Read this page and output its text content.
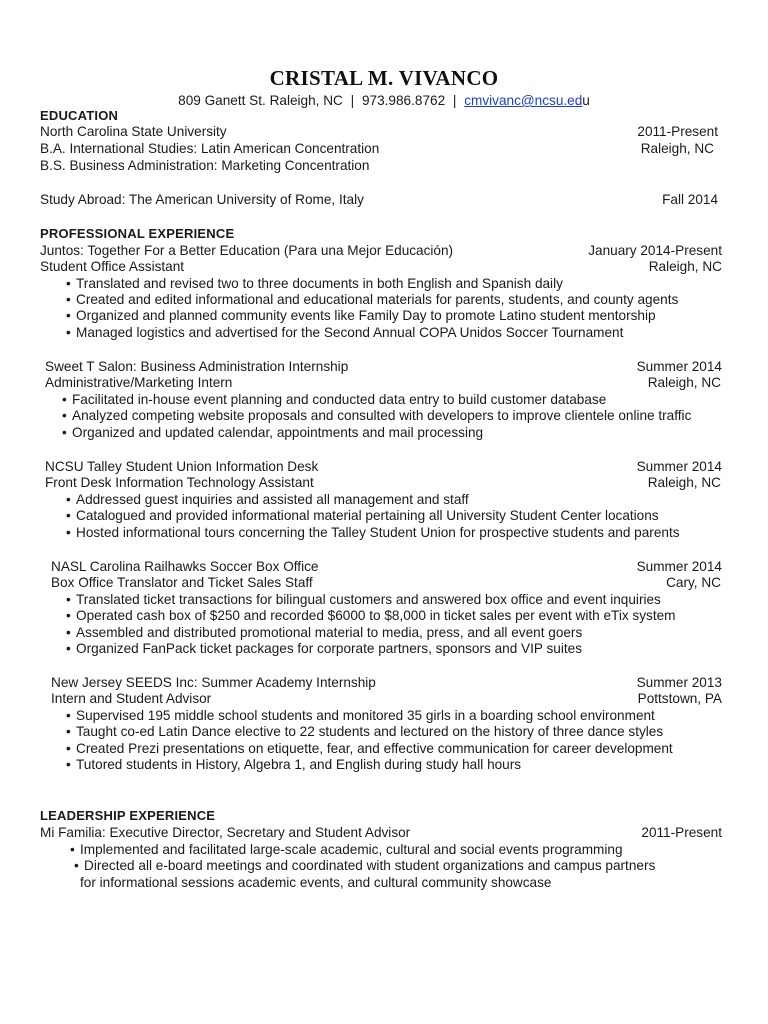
CRISTAL M. VIVANCO
809 Ganett St. Raleigh, NC | 973.986.8762 | cmvivanc@ncsu.edu
EDUCATION
North Carolina State University	2011-Present
B.A. International Studies: Latin American Concentration	Raleigh, NC
B.S. Business Administration: Marketing Concentration
Study Abroad: The American University of Rome, Italy	Fall 2014
PROFESSIONAL EXPERIENCE
Juntos: Together For a Better Education (Para una Mejor Educación)	January 2014-Present
Student Office Assistant	Raleigh, NC
• Translated and revised two to three documents in both English and Spanish daily
• Created and edited informational and educational materials for parents, students, and county agents
• Organized and planned community events like Family Day to promote Latino student mentorship
• Managed logistics and advertised for the Second Annual COPA Unidos Soccer Tournament
Sweet T Salon: Business Administration Internship	Summer 2014
Administrative/Marketing Intern	Raleigh, NC
• Facilitated in-house event planning and conducted data entry to build customer database
• Analyzed competing website proposals and consulted with developers to improve clientele online traffic
• Organized and updated calendar, appointments and mail processing
NCSU Talley Student Union Information Desk	Summer 2014
Front Desk Information Technology Assistant	Raleigh, NC
• Addressed guest inquiries and assisted all management and staff
• Catalogued and provided informational material pertaining all University Student Center locations
• Hosted informational tours concerning the Talley Student Union for prospective students and parents
NASL Carolina Railhawks Soccer Box Office	Summer 2014
Box Office Translator and Ticket Sales Staff	Cary, NC
• Translated ticket transactions for bilingual customers and answered box office and event inquiries
• Operated cash box of $250 and recorded $6000 to $8,000 in ticket sales per event with eTix system
• Assembled and distributed promotional material to media, press, and all event goers
• Organized FanPack ticket packages for corporate partners, sponsors and VIP suites
New Jersey SEEDS Inc: Summer Academy Internship	Summer 2013
Intern and Student Advisor	Pottstown, PA
• Supervised 195 middle school students and monitored 35 girls in a boarding school environment
• Taught co-ed Latin Dance elective to 22 students and lectured on the history of three dance styles
• Created Prezi presentations on etiquette, fear, and effective communication for career development
• Tutored students in History, Algebra 1, and English during study hall hours
LEADERSHIP EXPERIENCE
Mi Familia: Executive Director, Secretary and Student Advisor	2011-Present
• Implemented and facilitated large-scale academic, cultural and social events programming
• Directed all e-board meetings and coordinated with student organizations and campus partners
for informational sessions academic events, and cultural community showcase
